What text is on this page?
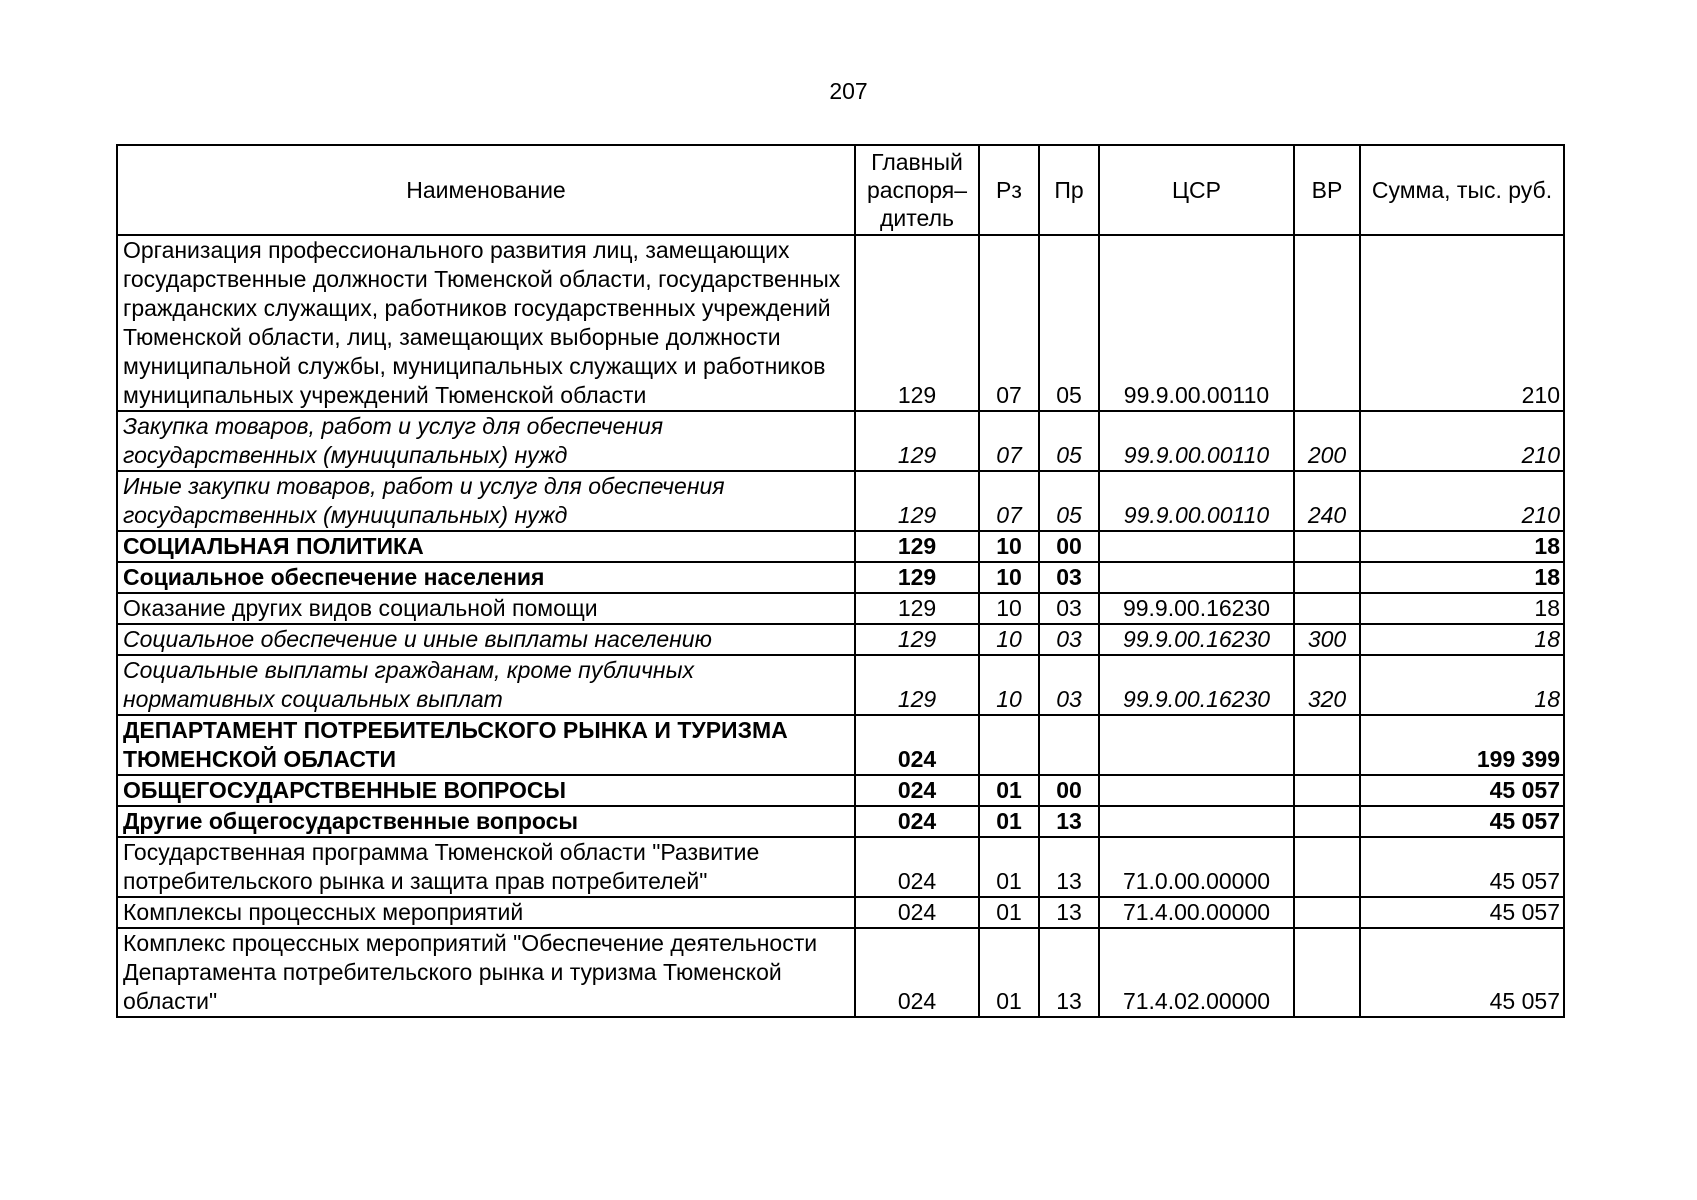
207
Наименование	Главный распоря– дитель	Рз	Пр	ЦСР	ВР	Сумма, тыс. руб.
Организация профессионального развития лиц, замещающих государственные должности Тюменской области, государственных гражданских служащих, работников государственных учреждений Тюменской области, лиц, замещающих выборные должности муниципальной службы, муниципальных служащих и работников муниципальных учреждений Тюменской области	129	07	05	99.9.00.00110		210
Закупка товаров, работ и услуг для обеспечения государственных (муниципальных) нужд	129	07	05	99.9.00.00110	200	210
Иные закупки товаров, работ и услуг для обеспечения государственных (муниципальных) нужд	129	07	05	99.9.00.00110	240	210
СОЦИАЛЬНАЯ ПОЛИТИКА	129	10	00			18
Социальное обеспечение населения	129	10	03			18
Оказание других видов социальной помощи	129	10	03	99.9.00.16230		18
Социальное обеспечение и иные выплаты населению	129	10	03	99.9.00.16230	300	18
Социальные выплаты гражданам, кроме публичных нормативных социальных выплат	129	10	03	99.9.00.16230	320	18
ДЕПАРТАМЕНТ ПОТРЕБИТЕЛЬСКОГО РЫНКА И ТУРИЗМА ТЮМЕНСКОЙ ОБЛАСТИ	024					199 399
ОБЩЕГОСУДАРСТВЕННЫЕ ВОПРОСЫ	024	01	00			45 057
Другие общегосударственные вопросы	024	01	13			45 057
Государственная программа Тюменской области "Развитие потребительского рынка и защита прав потребителей"	024	01	13	71.0.00.00000		45 057
Комплексы процессных мероприятий	024	01	13	71.4.00.00000		45 057
Комплекс процессных мероприятий "Обеспечение деятельности Департамента потребительского рынка и туризма Тюменской области"	024	01	13	71.4.02.00000		45 057
